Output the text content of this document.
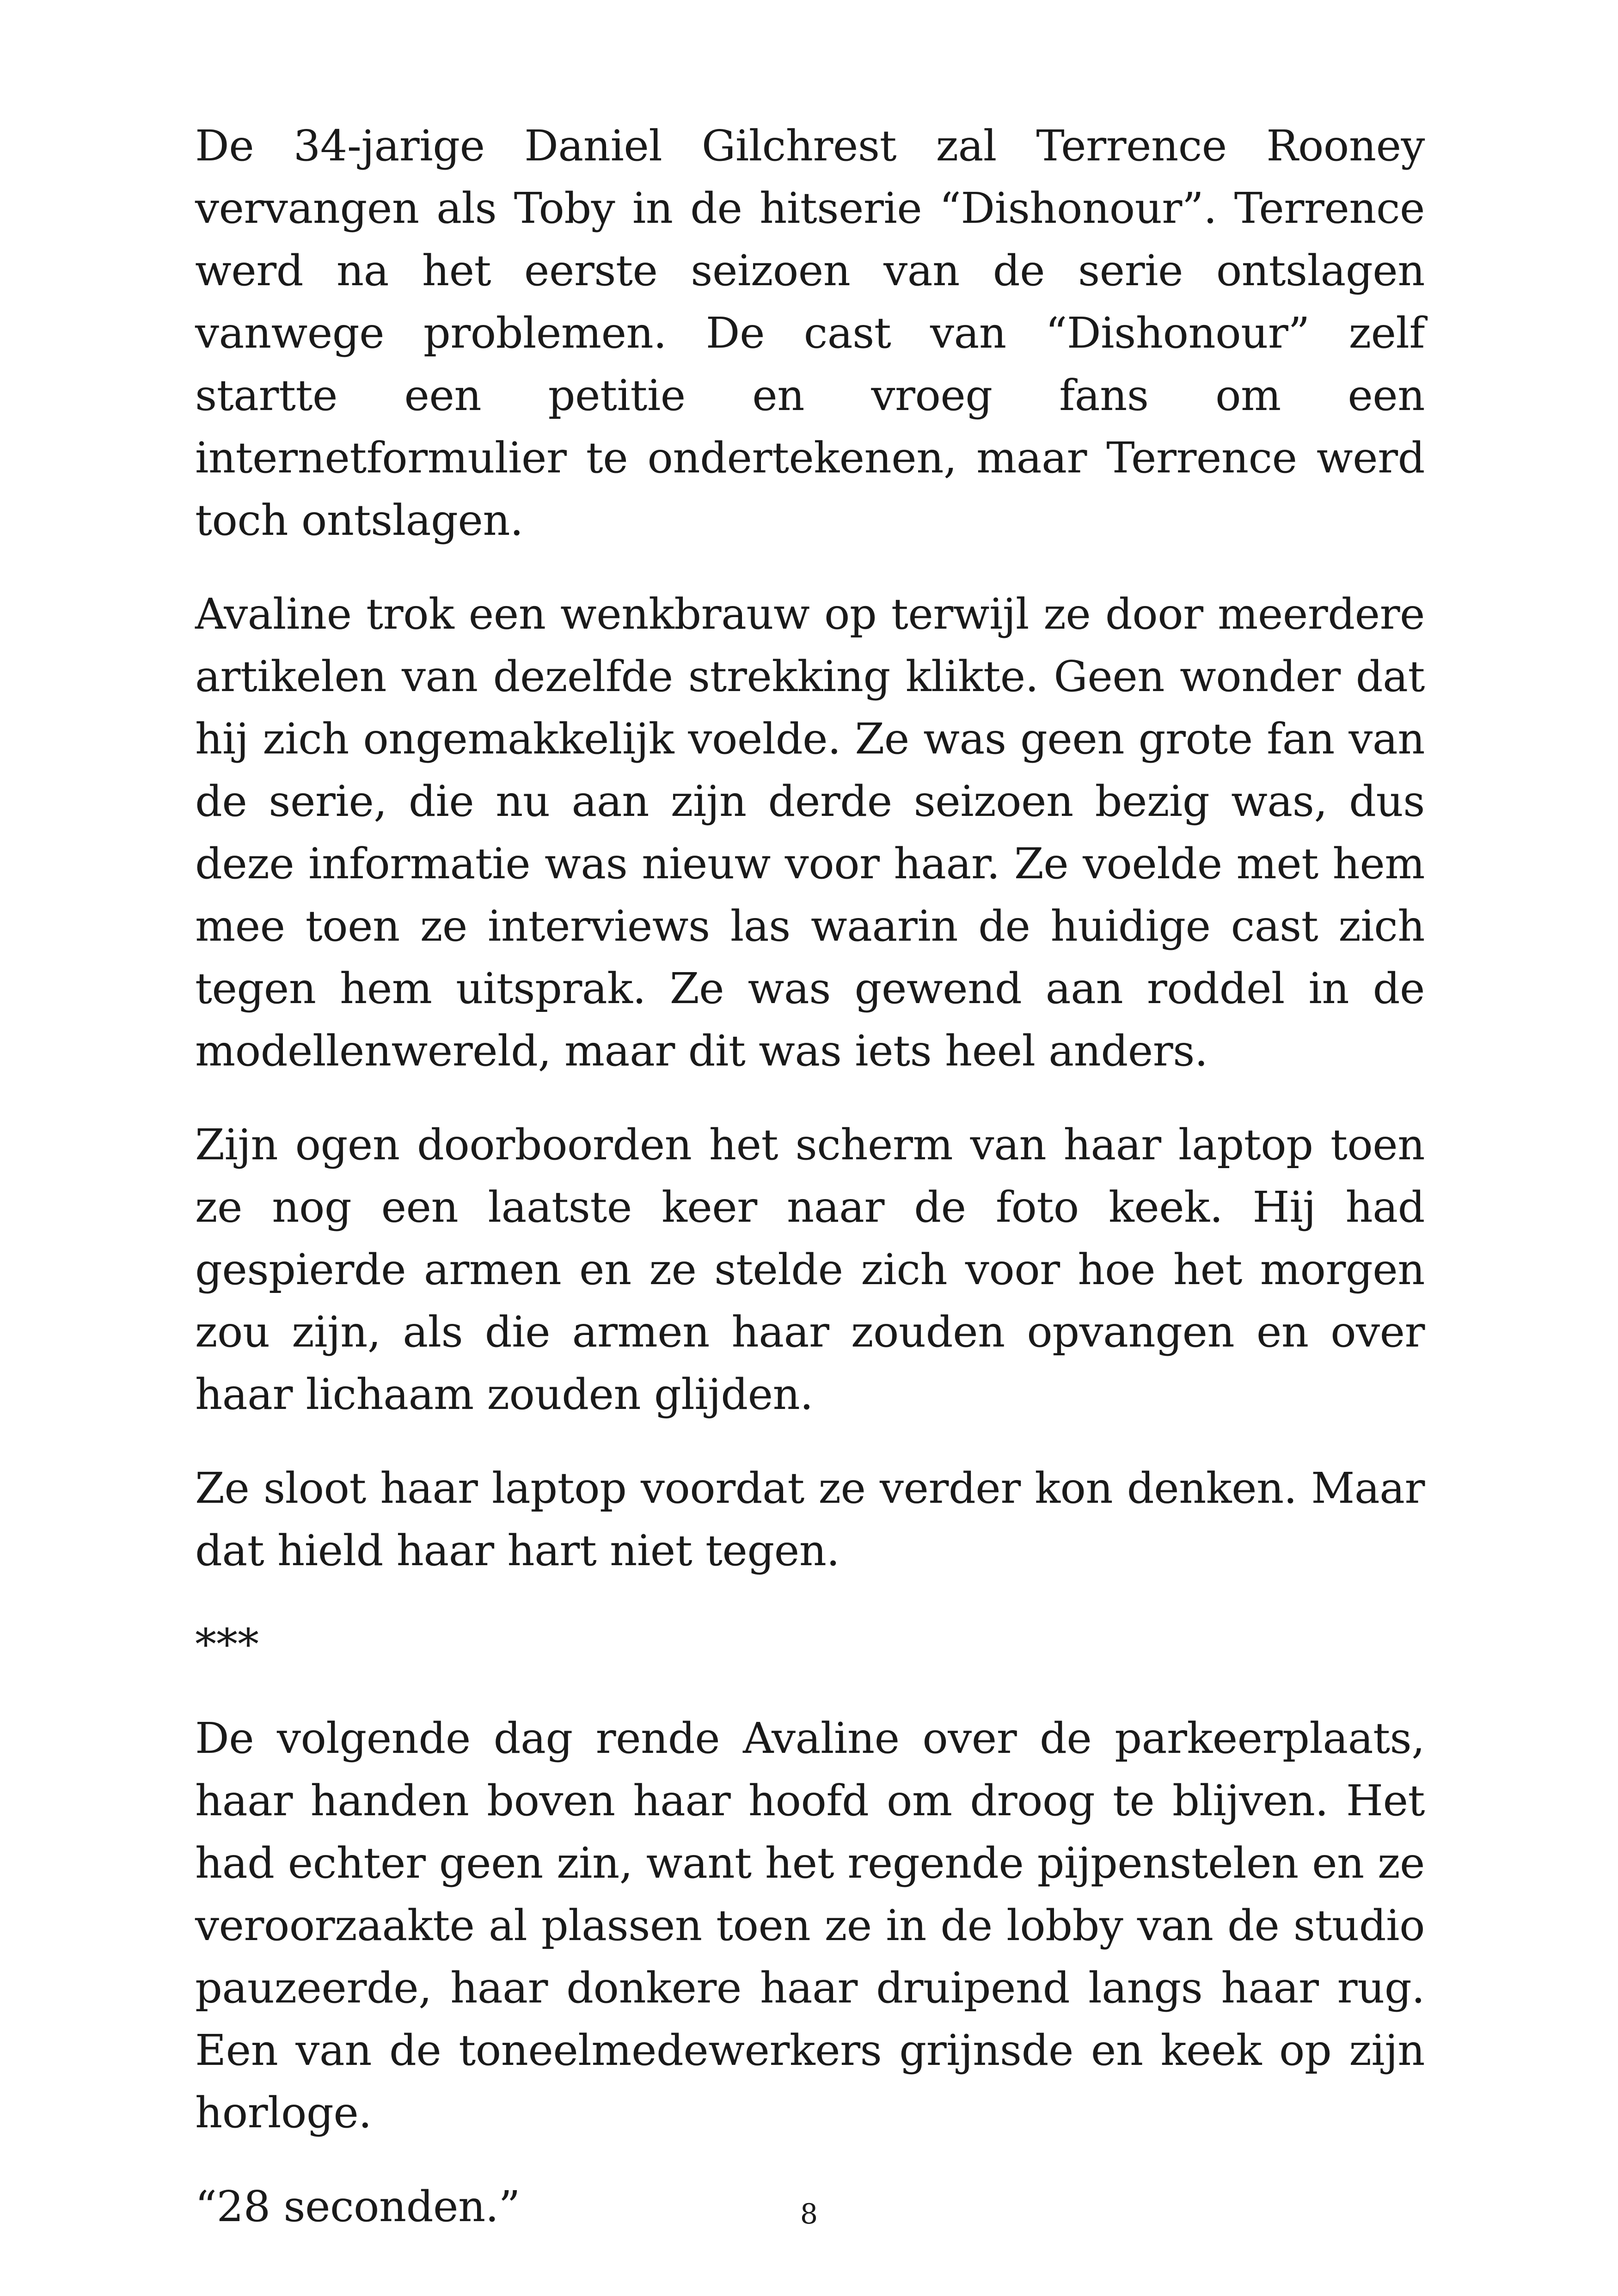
De 34-jarige Daniel Gilchrest zal Terrence Rooney vervangen als Toby in de hitserie “Dishonour”. Terrence werd na het eerste seizoen van de serie ontslagen vanwege problemen. De cast van “Dishonour” zelf startte een petitie en vroeg fans om een internetformulier te ondertekenen, maar Terrence werd toch ontslagen.

Avaline trok een wenkbrauw op terwijl ze door meerdere artikelen van dezelfde strekking klikte. Geen wonder dat hij zich ongemakkelijk voelde. Ze was geen grote fan van de serie, die nu aan zijn derde seizoen bezig was, dus deze informatie was nieuw voor haar. Ze voelde met hem mee toen ze interviews las waarin de huidige cast zich tegen hem uitsprak. Ze was gewend aan roddel in de modellenwereld, maar dit was iets heel anders.

Zijn ogen doorboorden het scherm van haar laptop toen ze nog een laatste keer naar de foto keek. Hij had gespierde armen en ze stelde zich voor hoe het morgen zou zijn, als die armen haar zouden opvangen en over haar lichaam zouden glijden.

Ze sloot haar laptop voordat ze verder kon denken. Maar dat hield haar hart niet tegen.

***

De volgende dag rende Avaline over de parkeerplaats, haar handen boven haar hoofd om droog te blijven. Het had echter geen zin, want het regende pijpenstelen en ze veroorzaakte al plassen toen ze in de lobby van de studio pauzeerde, haar donkere haar druipend langs haar rug. Een van de toneelmedewerkers grijnsde en keek op zijn horloge.

“28 seconden.”	8
